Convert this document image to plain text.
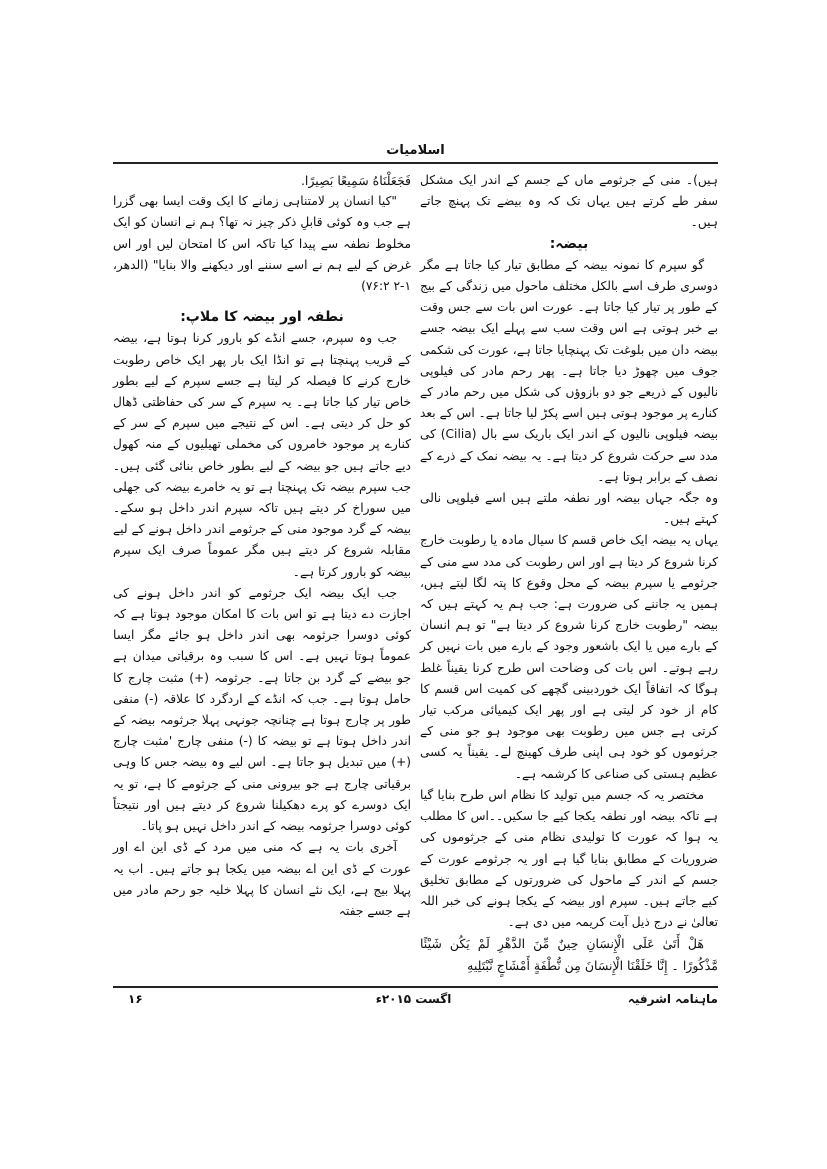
اسلامیات

ہیں)۔ منی کے جرثومے ماں کے جسم کے اندر ایک مشکل سفر طے کرتے ہیں یہاں تک کہ وہ بیضے تک پہنچ جاتے ہیں۔

بیضہ:

گو سپرم کا نمونہ بیضہ کے مطابق تیار کیا جاتا ہے مگر دوسری طرف اسے بالکل مختلف ماحول میں زندگی کے بیج کے طور پر تیار کیا جاتا ہے۔ عورت اس بات سے جس وقت بے خبر ہوتی ہے اس وقت سب سے پہلے ایک بیضہ جسے بیضہ دان میں بلوغت تک پہنچایا جاتا ہے، عورت کی شکمی جوف میں چھوڑ دیا جاتا ہے۔ پھر رحم مادر کی فیلوپی نالیوں کے ذریعے جو دو بازوؤں کی شکل میں رحم مادر کے کنارے پر موجود ہوتی ہیں اسے پکڑ لیا جاتا ہے۔ اس کے بعد بیضہ فیلوپی نالیوں کے اندر ایک باریک سے بال (Cilia) کی مدد سے حرکت شروع کر دیتا ہے۔ یہ بیضہ نمک کے ذرے کے نصف کے برابر ہوتا ہے۔

وہ جگہ جہاں بیضہ اور نطفہ ملتے ہیں اسے فیلوپی نالی کہتے ہیں۔

یہاں یہ بیضہ ایک خاص قسم کا سیال مادہ یا رطوبت خارج کرنا شروع کر دیتا ہے اور اس رطوبت کی مدد سے منی کے جرثومے یا سپرم بیضہ کے محل وقوع کا پتہ لگا لیتے ہیں، ہمیں یہ جاننے کی ضرورت ہے: جب ہم یہ کہتے ہیں کہ بیضہ "رطوبت خارج کرنا شروع کر دیتا ہے" تو ہم انسان کے بارے میں یا ایک باشعور وجود کے بارے میں بات نہیں کر رہے ہوتے۔ اس بات کی وضاحت اس طرح کرنا یقیناً غلط ہوگا کہ اتفاقاً ایک خوردبینی گچھے کی کمیت اس قسم کا کام از خود کر لیتی ہے اور پھر ایک کیمیائی مرکب تیار کرتی ہے جس میں رطوبت بھی موجود ہو جو منی کے جرثوموں کو خود ہی اپنی طرف کھینچ لے۔ یقیناً یہ کسی عظیم ہستی کی صناعی کا کرشمہ ہے۔

مختصر یہ کہ جسم میں تولید کا نظام اس طرح بنایا گیا ہے تاکہ بیضہ اور نطفہ یکجا کیے جا سکیں۔۔اس کا مطلب یہ ہوا کہ عورت کا تولیدی نظام منی کے جرثوموں کی ضروریات کے مطابق بنایا گیا ہے اور یہ جرثومے عورت کے جسم کے اندر کے ماحول کی ضرورتوں کے مطابق تخلیق کیے جاتے ہیں۔ سپرم اور بیضہ کے یکجا ہونے کی خبر اللہ تعالیٰ نے درج ذیل آیت کریمہ میں دی ہے۔

هَلْ أَتَىٰ عَلَى الْإِنسَانِ حِينٌ مِّنَ الدَّهْرِ لَمْ يَكُن شَيْئًا مَّذْكُورًا ۔ إِنَّا خَلَقْنَا الْإِنسَانَ مِن نُّطْفَةٍ أَمْشَاجٍ نَّبْتَلِيهِ

فَجَعَلْنَاهُ سَمِيعًا بَصِيرًا.

"کیا انسان پر لامتناہی زمانے کا ایک وقت ایسا بھی گزرا ہے جب وہ کوئی قابلِ ذکر چیز نہ تھا؟ ہم نے انسان کو ایک مخلوط نطفہ سے پیدا کیا تاکہ اس کا امتحان لیں اور اس غرض کے لیے ہم نے اسے سننے اور دیکھنے والا بنایا" (الدھر، ۱-۲ ۷۶:۲)

نطفہ اور بیضہ کا ملاپ:

جب وہ سپرم، جسے انڈے کو بارور کرنا ہوتا ہے، بیضہ کے قریب پہنچتا ہے تو انڈا ایک بار پھر ایک خاص رطوبت خارج کرنے کا فیصلہ کر لیتا ہے جسے سپرم کے لیے بطور خاص تیار کیا جاتا ہے۔ یہ سپرم کے سر کی حفاظتی ڈھال کو حل کر دیتی ہے۔ اس کے نتیجے میں سپرم کے سر کے کنارے پر موجود خامروں کی مخملی تھیلیوں کے منہ کھول دیے جاتے ہیں جو بیضہ کے لیے بطور خاص بنائی گئی ہیں۔ جب سپرم بیضہ تک پہنچتا ہے تو یہ خامرے بیضہ کی جھلی میں سوراخ کر دیتے ہیں تاکہ سپرم اندر داخل ہو سکے۔ بیضہ کے گرد موجود منی کے جرثومے اندر داخل ہونے کے لیے مقابلہ شروع کر دیتے ہیں مگر عموماً صرف ایک سپرم بیضہ کو بارور کرتا ہے۔

جب ایک بیضہ ایک جرثومے کو اندر داخل ہونے کی اجازت دے دیتا ہے تو اس بات کا امکان موجود ہوتا ہے کہ کوئی دوسرا جرثومہ بھی اندر داخل ہو جائے مگر ایسا عموماً ہوتا نہیں ہے۔ اس کا سبب وہ برقیاتی میدان ہے جو بیضے کے گرد بن جاتا ہے۔ جرثومہ (+) مثبت چارج کا حامل ہوتا ہے۔ جب کہ انڈے کے اردگرد کا علاقہ (-) منفی طور پر چارج ہوتا ہے چنانچہ جونہی پہلا جرثومہ بیضہ کے اندر داخل ہوتا ہے تو بیضہ کا (-) منفی چارج 'مثبت چارج (+) میں تبدیل ہو جاتا ہے۔ اس لیے وہ بیضہ جس کا وہی برقیاتی چارج ہے جو بیرونی منی کے جرثومے کا ہے، تو یہ ایک دوسرے کو پرے دھکیلنا شروع کر دیتے ہیں اور نتیجتاً کوئی دوسرا جرثومہ بیضہ کے اندر داخل نہیں ہو پاتا۔

آخری بات یہ ہے کہ منی میں مرد کے ڈی این اے اور عورت کے ڈی این اے بیضہ میں یکجا ہو جاتے ہیں۔ اب یہ پہلا بیج ہے، ایک نئے انسان کا پہلا خلیہ جو رحم مادر میں ہے جسے جفتہ

ماہنامہ اشرفیہ
اگست ۲۰۱۵ء
۱۶
